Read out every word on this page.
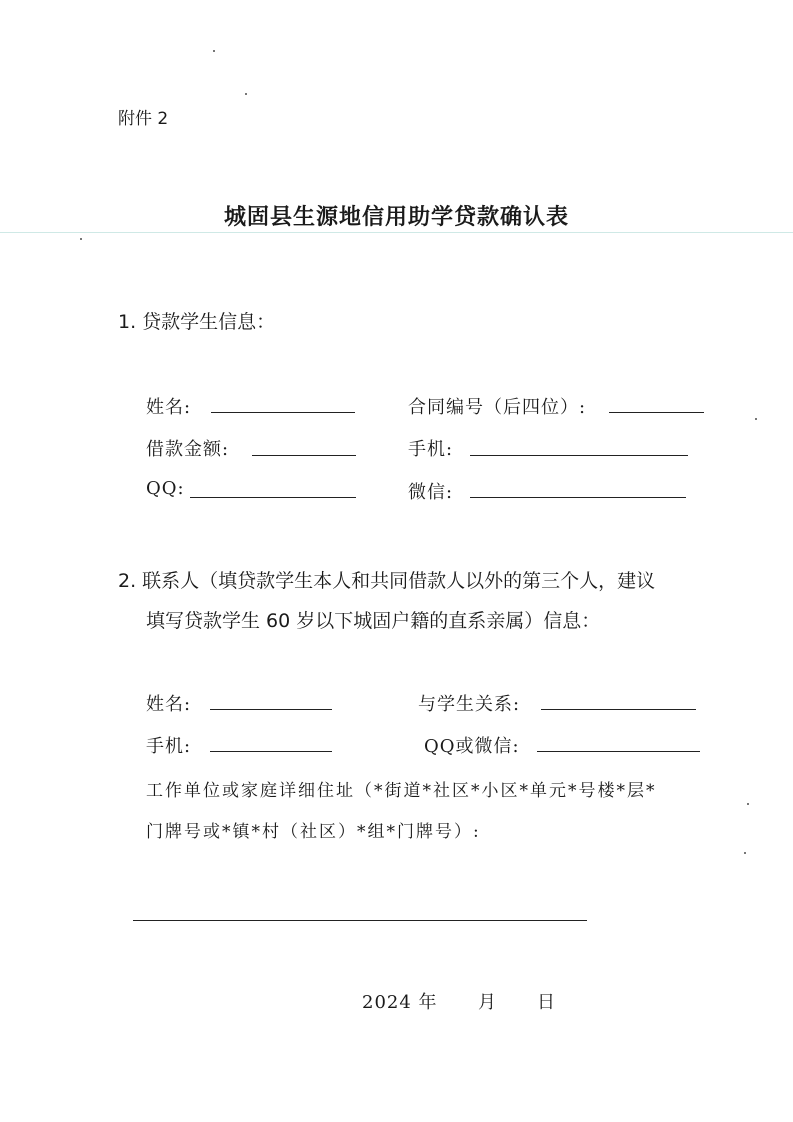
附件 2
城固县生源地信用助学贷款确认表
1. 贷款学生信息：
姓名:	合同编号（后四位）:
借款金额:	手机:
QQ:	微信:
2. 联系人（填贷款学生本人和共同借款人以外的第三个人，建议
填写贷款学生 60 岁以下城固户籍的直系亲属）信息：
姓名:	与学生关系:
手机:	QQ或微信:
工作单位或家庭详细住址（*街道*社区*小区*单元*号楼*层*
门牌号或*镇*村（社区）*组*门牌号）:
2024 年 月 日
